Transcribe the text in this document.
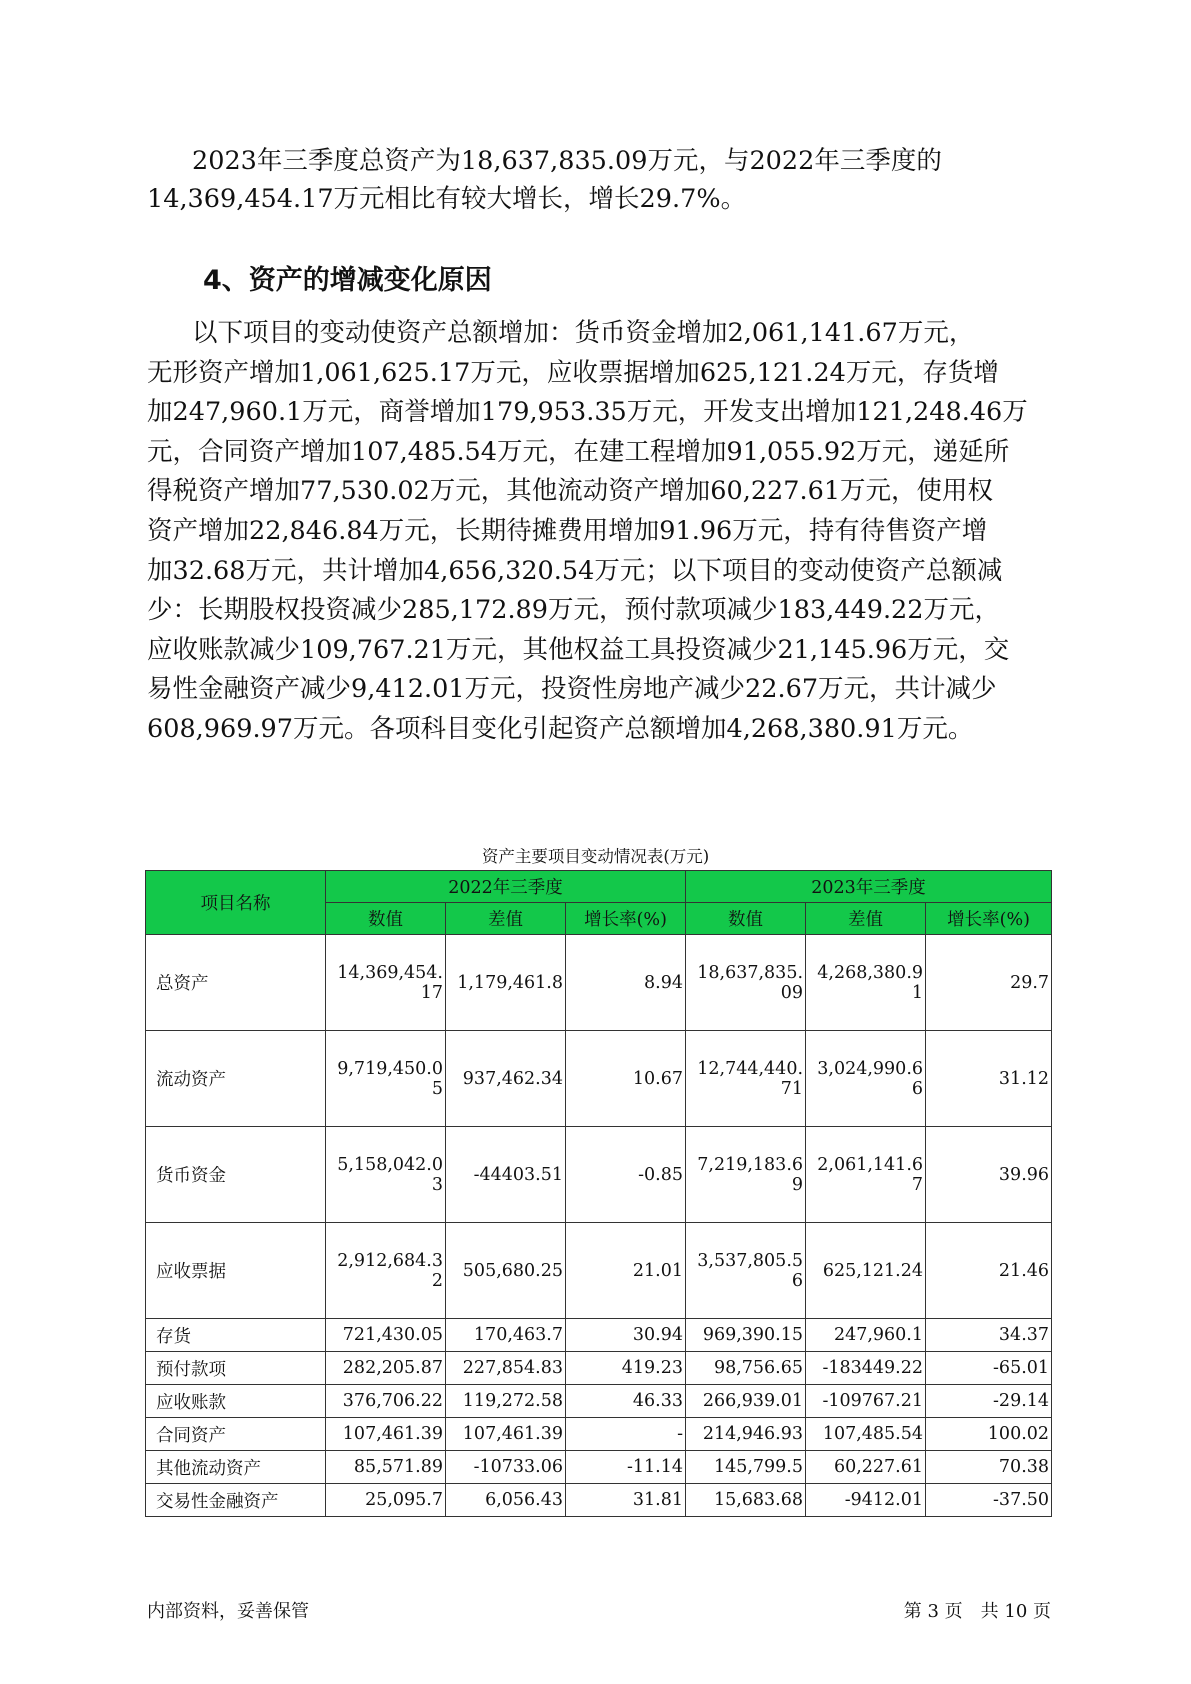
2023年三季度总资产为18,637,835.09万元，与2022年三季度的
14,369,454.17万元相比有较大增长，增长29.7%。
4、资产的增减变化原因
以下项目的变动使资产总额增加：货币资金增加2,061,141.67万元，
无形资产增加1,061,625.17万元，应收票据增加625,121.24万元，存货增
加247,960.1万元，商誉增加179,953.35万元，开发支出增加121,248.46万
元，合同资产增加107,485.54万元，在建工程增加91,055.92万元，递延所
得税资产增加77,530.02万元，其他流动资产增加60,227.61万元，使用权
资产增加22,846.84万元，长期待摊费用增加91.96万元，持有待售资产增
加32.68万元，共计增加4,656,320.54万元；以下项目的变动使资产总额减
少：长期股权投资减少285,172.89万元，预付款项减少183,449.22万元，
应收账款减少109,767.21万元，其他权益工具投资减少21,145.96万元，交
易性金融资产减少9,412.01万元，投资性房地产减少22.67万元，共计减少
608,969.97万元。各项科目变化引起资产总额增加4,268,380.91万元。
资产主要项目变动情况表(万元)
项目名称	2022年三季度			2023年三季度		
	数值	差值	增长率(%)	数值	差值	增长率(%)
总资产	14,369,454.17	1,179,461.8	8.94	18,637,835.09	4,268,380.91	29.7
流动资产	9,719,450.05	937,462.34	10.67	12,744,440.71	3,024,990.66	31.12
货币资金	5,158,042.03	-44403.51	-0.85	7,219,183.69	2,061,141.67	39.96
应收票据	2,912,684.32	505,680.25	21.01	3,537,805.56	625,121.24	21.46
存货	721,430.05	170,463.7	30.94	969,390.15	247,960.1	34.37
预付款项	282,205.87	227,854.83	419.23	98,756.65	-183449.22	-65.01
应收账款	376,706.22	119,272.58	46.33	266,939.01	-109767.21	-29.14
合同资产	107,461.39	107,461.39	-	214,946.93	107,485.54	100.02
其他流动资产	85,571.89	-10733.06	-11.14	145,799.5	60,227.61	70.38
交易性金融资产	25,095.7	6,056.43	31.81	15,683.68	-9412.01	-37.50
内部资料，妥善保管	第 3 页　共 10 页
